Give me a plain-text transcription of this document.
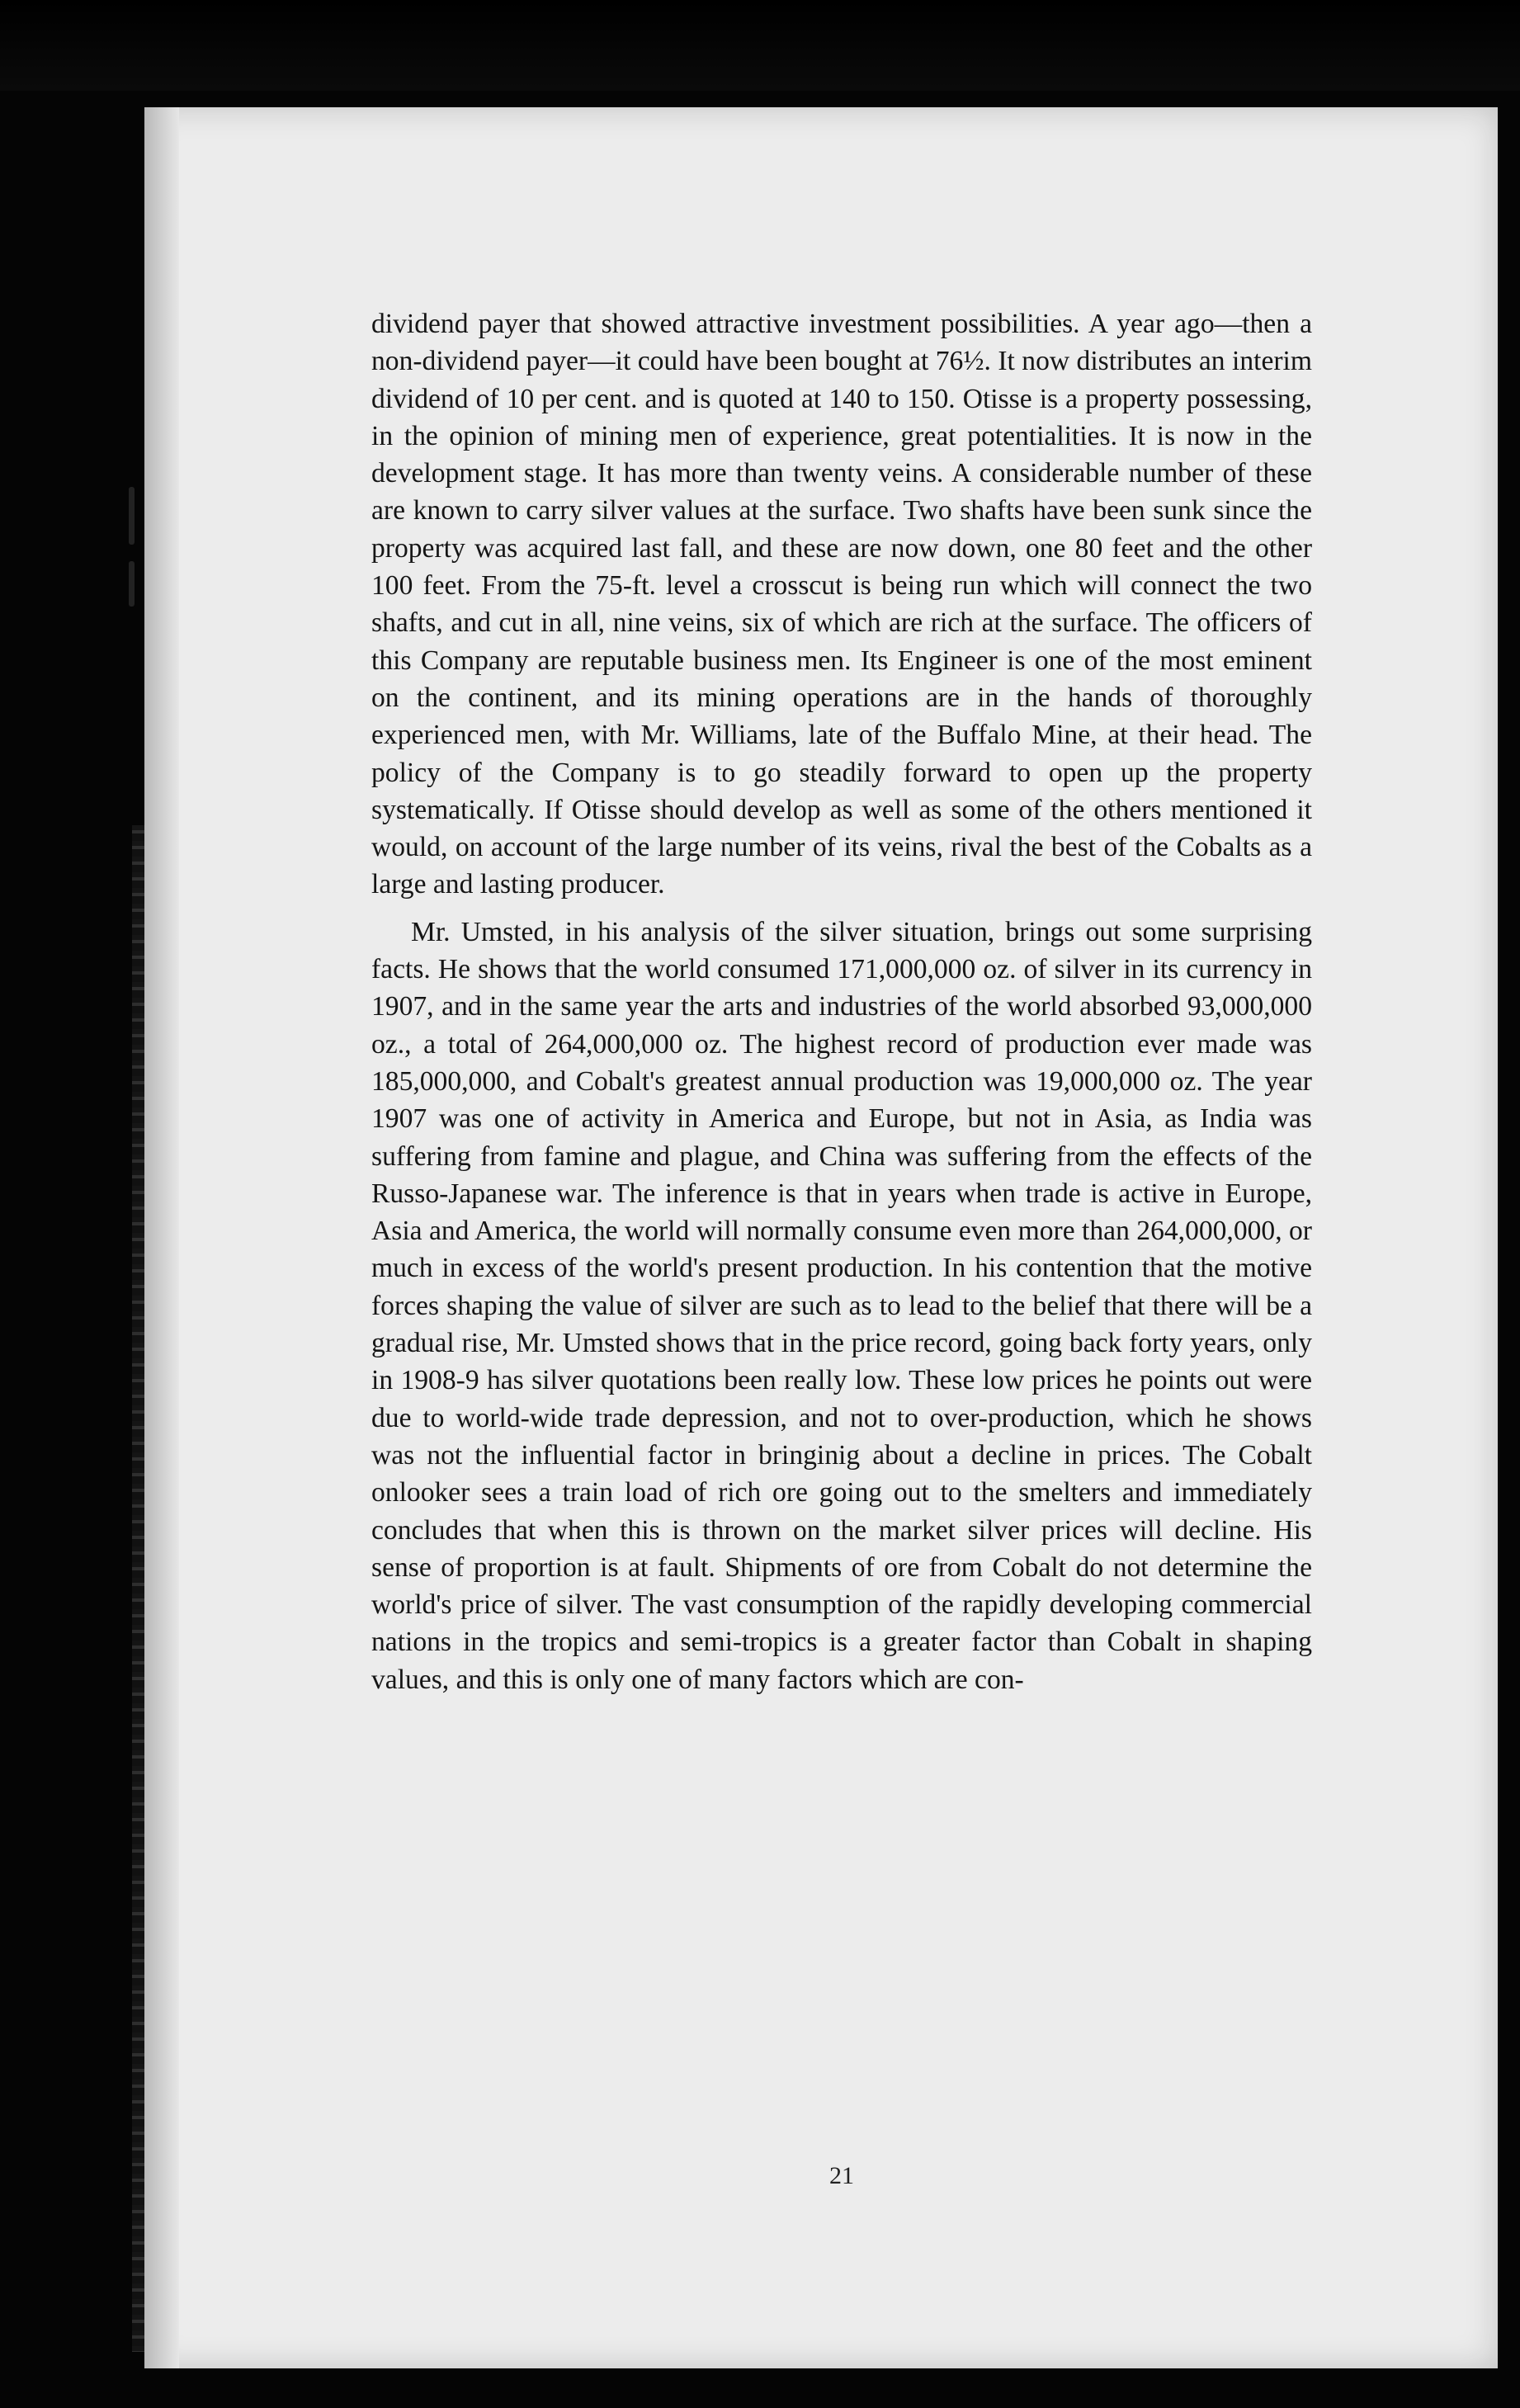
dividend payer that showed attractive investment possibilities. A year ago—then a non-dividend payer—it could have been bought at 76½. It now distributes an interim dividend of 10 per cent. and is quoted at 140 to 150. Otisse is a property possessing, in the opinion of mining men of experience, great potentialities. It is now in the development stage. It has more than twenty veins. A considerable number of these are known to carry silver values at the surface. Two shafts have been sunk since the property was acquired last fall, and these are now down, one 80 feet and the other 100 feet. From the 75-ft. level a crosscut is being run which will connect the two shafts, and cut in all, nine veins, six of which are rich at the surface. The officers of this Company are reputable business men. Its Engineer is one of the most eminent on the continent, and its mining operations are in the hands of thoroughly experienced men, with Mr. Williams, late of the Buffalo Mine, at their head. The policy of the Company is to go steadily forward to open up the property systematically. If Otisse should develop as well as some of the others mentioned it would, on account of the large number of its veins, rival the best of the Cobalts as a large and lasting producer.

Mr. Umsted, in his analysis of the silver situation, brings out some surprising facts. He shows that the world consumed 171,000,000 oz. of silver in its currency in 1907, and in the same year the arts and industries of the world absorbed 93,000,000 oz., a total of 264,000,000 oz. The highest record of production ever made was 185,000,000, and Cobalt's greatest annual production was 19,000,000 oz. The year 1907 was one of activity in America and Europe, but not in Asia, as India was suffering from famine and plague, and China was suffering from the effects of the Russo-Japanese war. The inference is that in years when trade is active in Europe, Asia and America, the world will normally consume even more than 264,000,000, or much in excess of the world's present production. In his contention that the motive forces shaping the value of silver are such as to lead to the belief that there will be a gradual rise, Mr. Umsted shows that in the price record, going back forty years, only in 1908-9 has silver quotations been really low. These low prices he points out were due to world-wide trade depression, and not to over-production, which he shows was not the influential factor in bringinig about a decline in prices. The Cobalt onlooker sees a train load of rich ore going out to the smelters and immediately concludes that when this is thrown on the market silver prices will decline. His sense of proportion is at fault. Shipments of ore from Cobalt do not determine the world's price of silver. The vast consumption of the rapidly developing commercial nations in the tropics and semi-tropics is a greater factor than Cobalt in shaping values, and this is only one of many factors which are con-

21
